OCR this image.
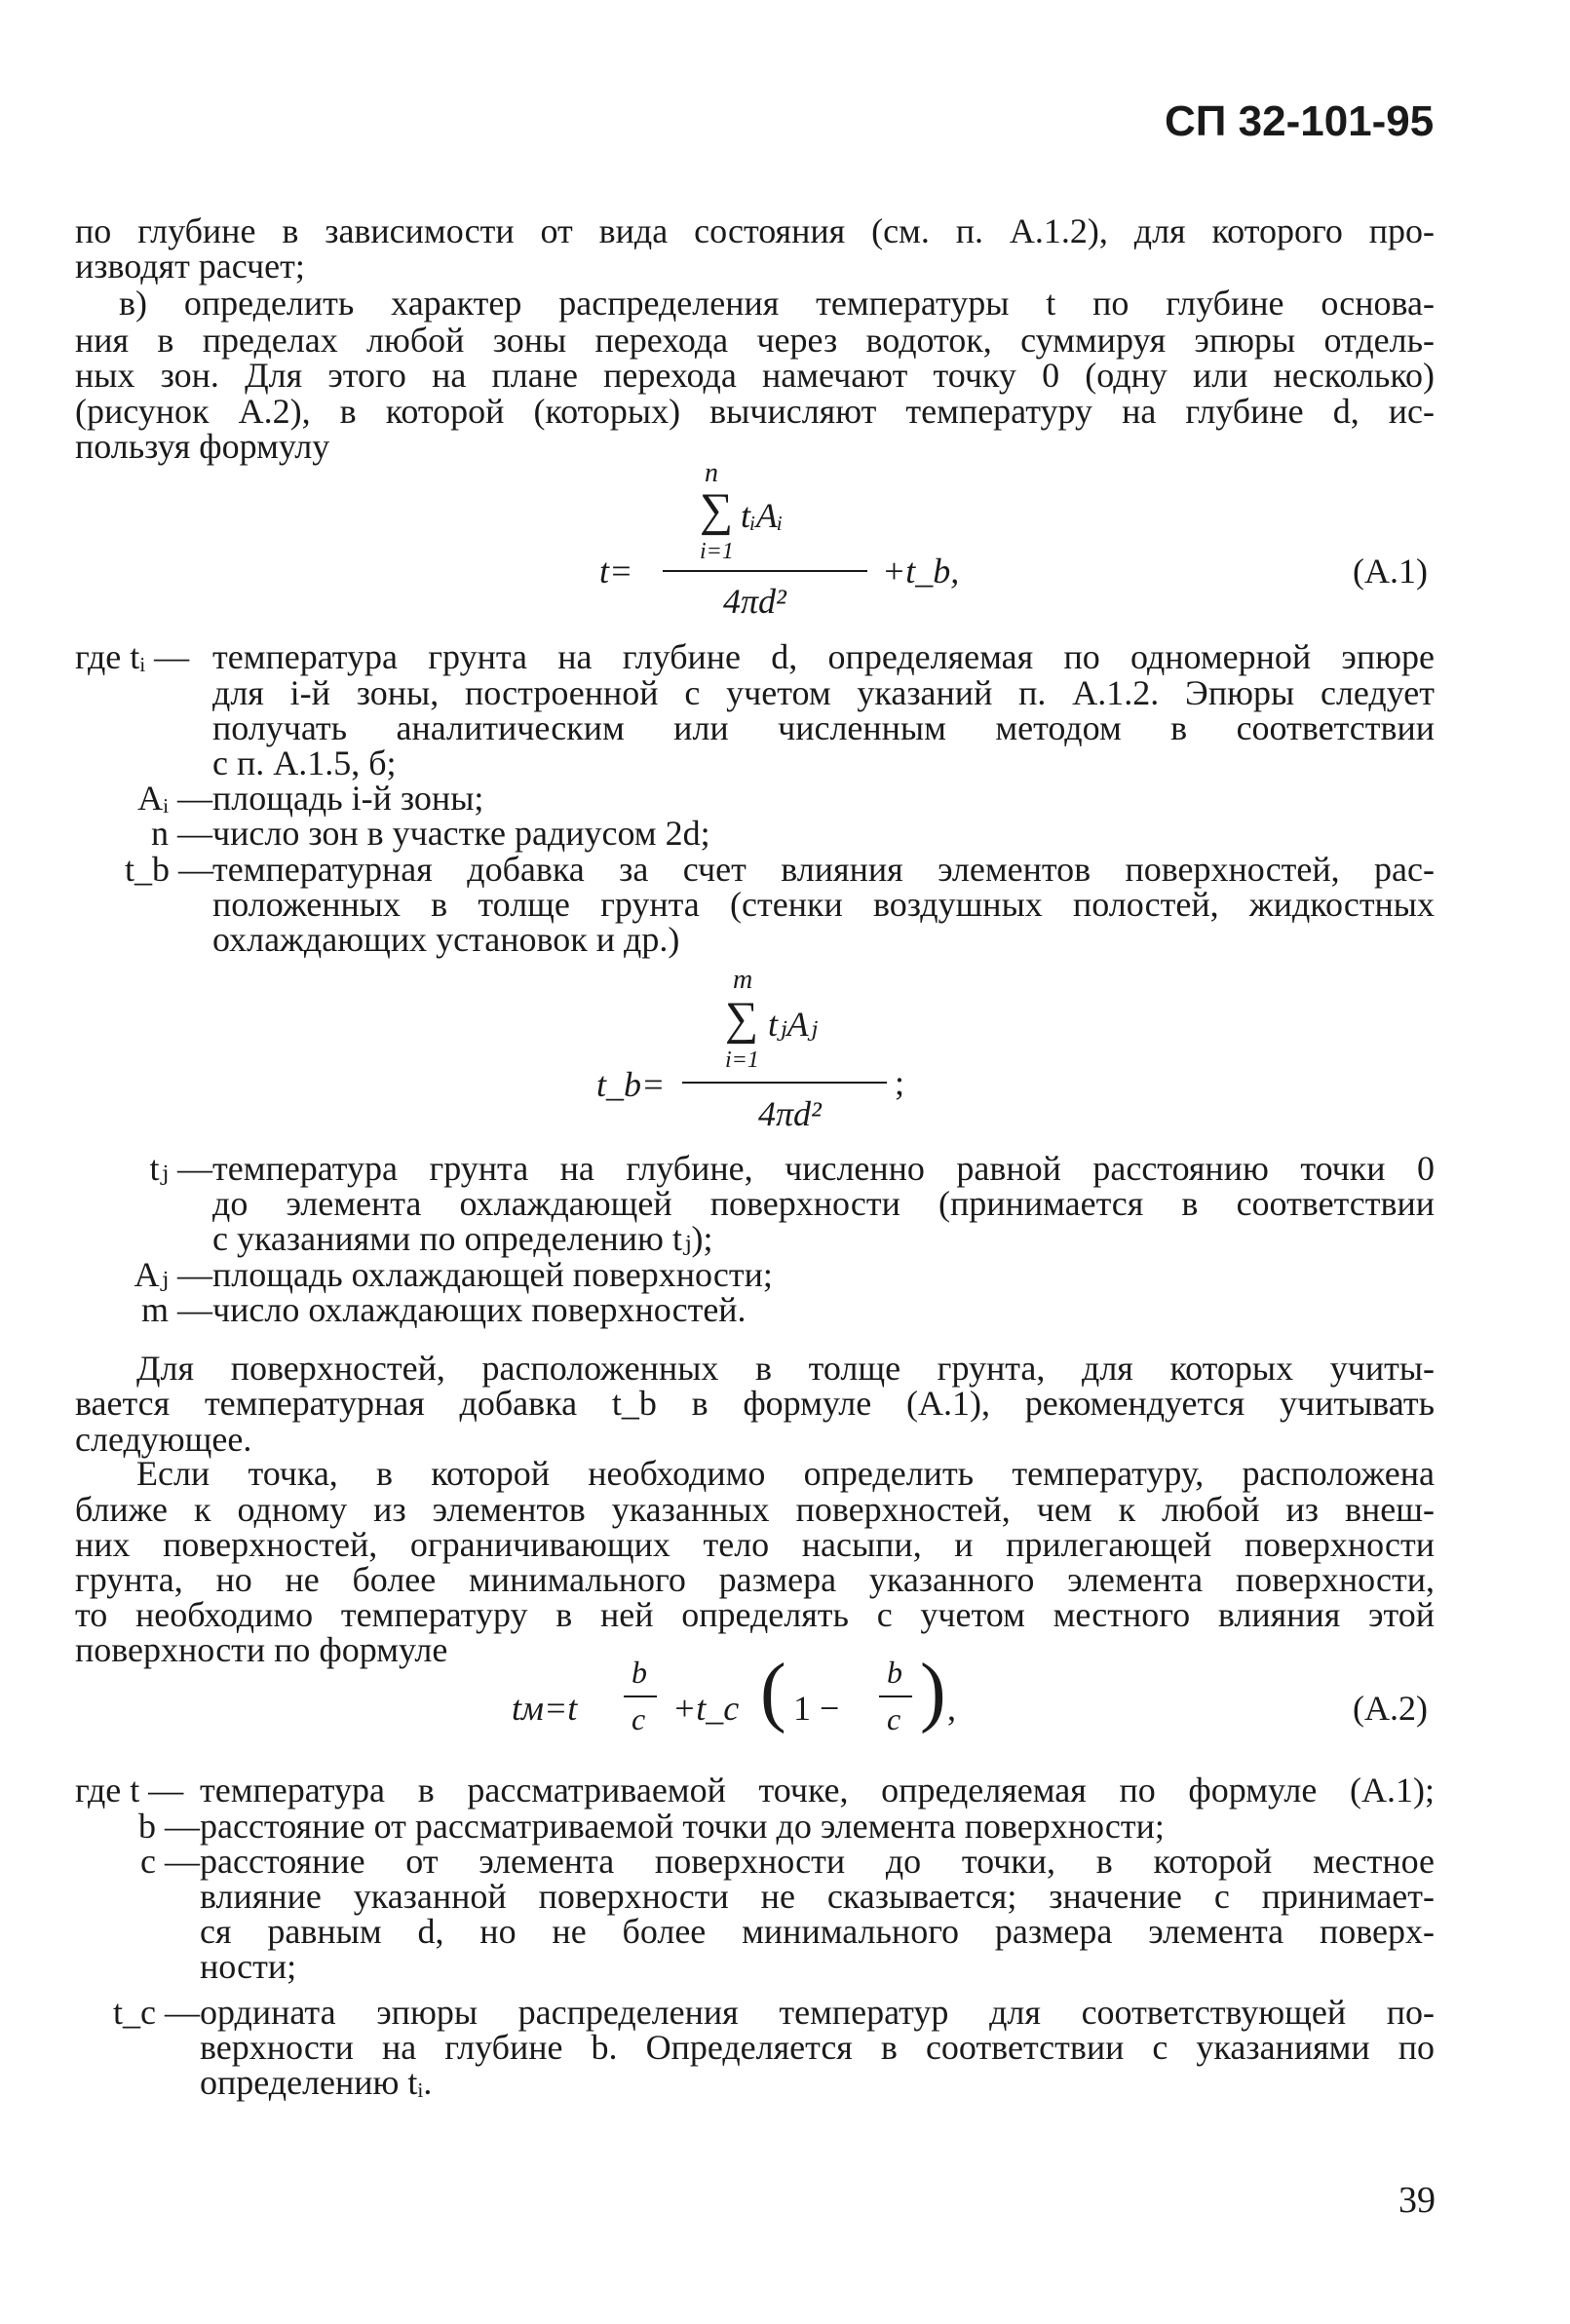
СП 32-101-95
по глубине в зависимости от вида состояния (см. п. А.1.2), для которого про-
изводят расчет;
в) определить характер распределения температуры t по глубине основа-
ния в пределах любой зоны перехода через водоток, суммируя эпюры отдель-
ных зон. Для этого на плане перехода намечают точку 0 (одну или несколько)
(рисунок А.2), в которой (которых) вычисляют температуру на глубине d, ис-
пользуя формулу
n
∑ tᵢAᵢ
i=1
t=
4πd²
+t_b,	(А.1)
где tᵢ — температура грунта на глубине d, определяемая по одномерной эпюре
для i-й зоны, построенной с учетом указаний п. А.1.2. Эпюры следует
получать аналитическим или численным методом в соответствии
с п. А.1.5, б;
Aᵢ — площадь i-й зоны;
n — число зон в участке радиусом 2d;
t_b —
температурная добавка за счет влияния элементов поверхностей, рас-
положенных в толще грунта (стенки воздушных полостей, жидкостных
охлаждающих установок и др.)
m
∑ tⱼAⱼ
i=1
t_b=
4πd²
;
tⱼ — температура грунта на глубине, численно равной расстоянию точки 0
до элемента охлаждающей поверхности (принимается в соответствии
с указаниями по определению tⱼ);
Aⱼ — площадь охлаждающей поверхности;
m — число охлаждающих поверхностей.
Для поверхностей, расположенных в толще грунта, для которых учиты-
вается температурная добавка t_b в формуле (А.1), рекомендуется учитывать
следующее.
Если точка, в которой необходимо определить температуру, расположена
ближе к одному из элементов указанных поверхностей, чем к любой из внеш-
них поверхностей, ограничивающих тело насыпи, и прилегающей поверхности
грунта, но не более минимального размера указанного элемента поверхности,
то необходимо температуру в ней определять с учетом местного влияния этой
поверхности по формуле
tм=t
b
c +t_c ( 1 −
b
c ) ,	(А.2)
где t — температура в рассматриваемой точке, определяемая по формуле (А.1);
b — расстояние от рассматриваемой точки до элемента поверхности;
c — расстояние от элемента поверхности до точки, в которой местное
влияние указанной поверхности не сказывается; значение c принимает-
ся равным d, но не более минимального размера элемента поверх-
ности;
t_c — ордината эпюры распределения температур для соответствующей по-
верхности на глубине b. Определяется в соответствии с указаниями по
определению tᵢ.
39
